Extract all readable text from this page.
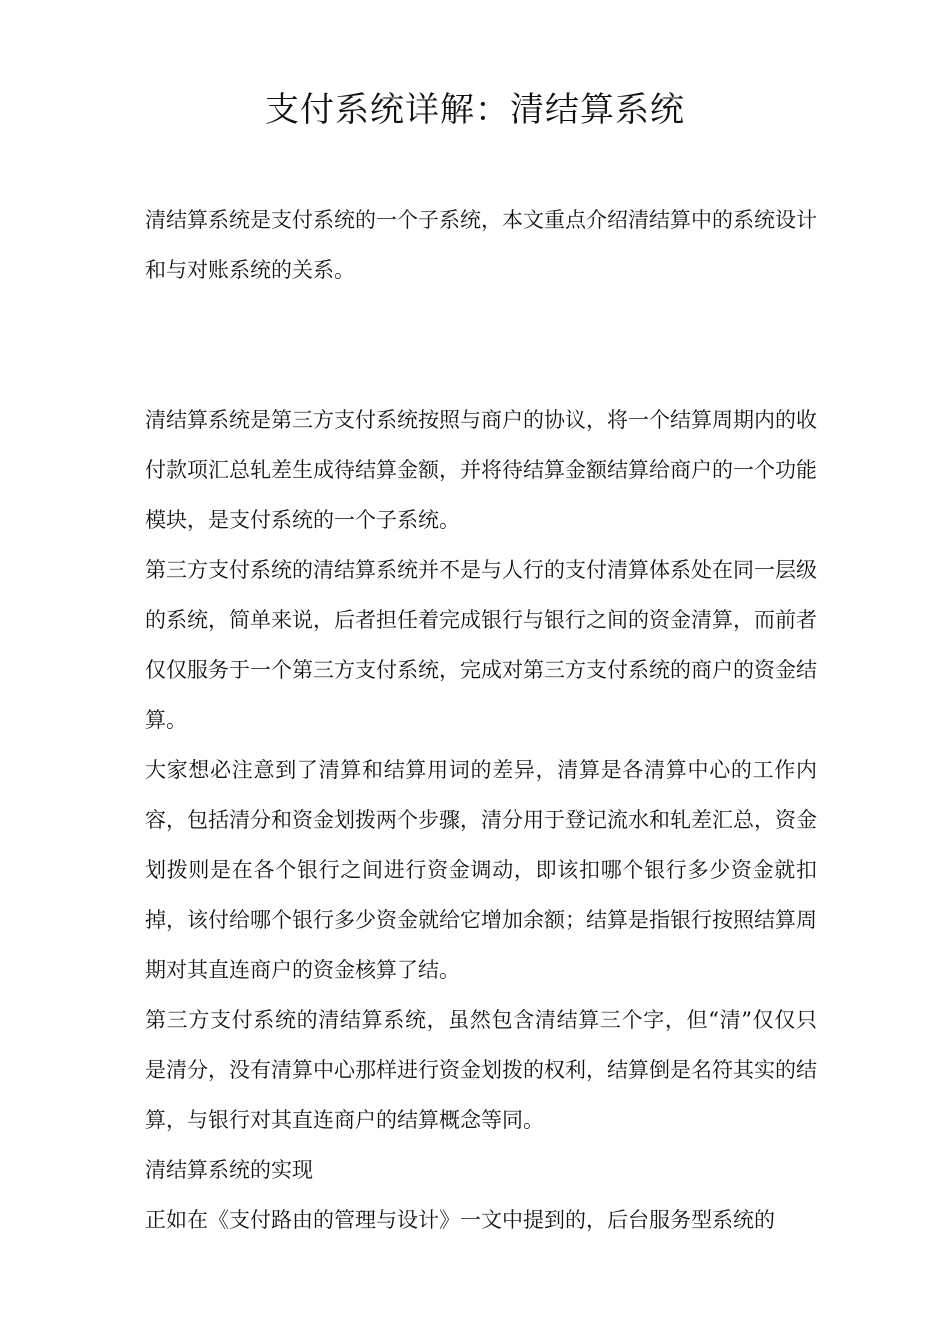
支付系统详解：清结算系统

清结算系统是支付系统的一个子系统，本文重点介绍清结算中的系统设计和与对账系统的关系。

清结算系统是第三方支付系统按照与商户的协议，将一个结算周期内的收付款项汇总轧差生成待结算金额，并将待结算金额结算给商户的一个功能模块，是支付系统的一个子系统。

第三方支付系统的清结算系统并不是与人行的支付清算体系处在同一层级的系统，简单来说，后者担任着完成银行与银行之间的资金清算，而前者仅仅服务于一个第三方支付系统，完成对第三方支付系统的商户的资金结算。

大家想必注意到了清算和结算用词的差异，清算是各清算中心的工作内容，包括清分和资金划拨两个步骤，清分用于登记流水和轧差汇总，资金划拨则是在各个银行之间进行资金调动，即该扣哪个银行多少资金就扣掉，该付给哪个银行多少资金就给它增加余额；结算是指银行按照结算周期对其直连商户的资金核算了结。

第三方支付系统的清结算系统，虽然包含清结算三个字，但“清”仅仅只是清分，没有清算中心那样进行资金划拨的权利，结算倒是名符其实的结算，与银行对其直连商户的结算概念等同。

清结算系统的实现

正如在《支付路由的管理与设计》一文中提到的，后台服务型系统的
